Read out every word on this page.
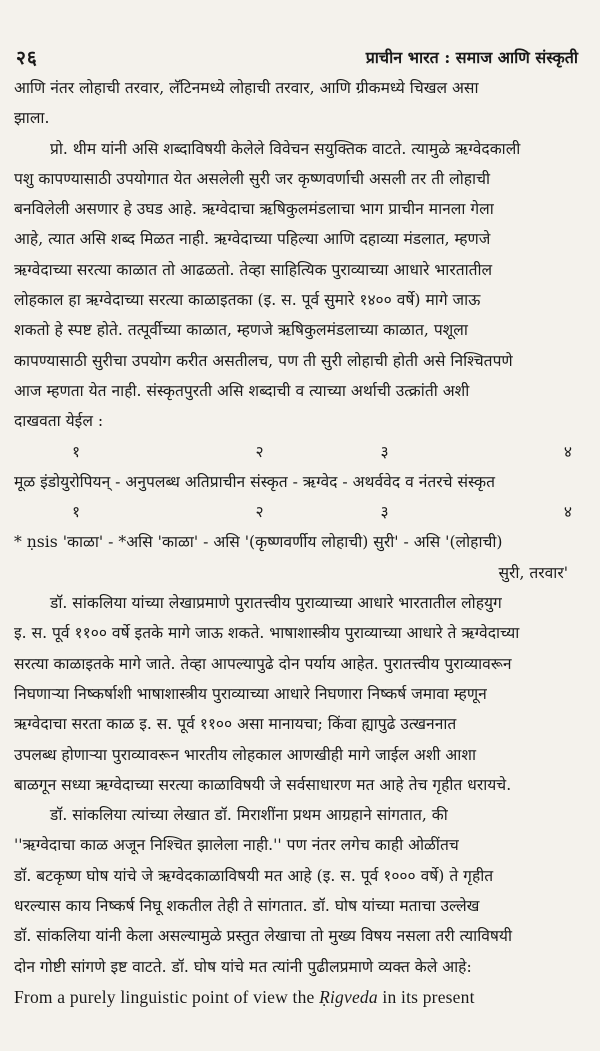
२६	प्राचीन भारत : समाज आणि संस्कृती

आणि नंतर लोहाची तरवार, लॅटिनमध्ये लोहाची तरवार, आणि ग्रीकमध्ये चिखल असा

झाला.

प्रो. थीम यांनी असि शब्दाविषयी केलेले विवेचन सयुक्तिक वाटते. त्यामुळे ऋग्वेदकाली

पशु कापण्यासाठी उपयोगात येत असलेली सुरी जर कृष्णवर्णाची असली तर ती लोहाची

बनविलेली असणार हे उघड आहे. ऋग्वेदाचा ऋषिकुलमंडलाचा भाग प्राचीन मानला गेला

आहे, त्यात असि शब्द मिळत नाही. ऋग्वेदाच्या पहिल्या आणि दहाव्या मंडलात, म्हणजे

ऋग्वेदाच्या सरत्या काळात तो आढळतो. तेव्हा साहित्यिक पुराव्याच्या आधारे भारतातील

लोहकाल हा ऋग्वेदाच्या सरत्या काळाइतका (इ. स. पूर्व सुमारे १४०० वर्षे) मागे जाऊ

शकतो हे स्पष्ट होते. तत्पूर्वीच्या काळात, म्हणजे ऋषिकुलमंडलाच्या काळात, पशूला

कापण्यासाठी सुरीचा उपयोग करीत असतीलच, पण ती सुरी लोहाची होती असे निश्चितपणे

आज म्हणता येत नाही. संस्कृतपुरती असि शब्दाची व त्याच्या अर्थाची उत्क्रांती अशी

दाखवता येईल :

१	२	३	४

मूळ इंडोयुरोपियन् - अनुपलब्ध अतिप्राचीन संस्कृत - ऋग्वेद - अथर्ववेद व नंतरचे संस्कृत

१	२	३	४

* ṇsis 'काळा' - *असि 'काळा' - असि '(कृष्णवर्णीय लोहाची) सुरी' - असि '(लोहाची)

सुरी, तरवार'

डॉ. सांकलिया यांच्या लेखाप्रमाणे पुरातत्त्वीय पुराव्याच्या आधारे भारतातील लोहयुग

इ. स. पूर्व ११०० वर्षे इतके मागे जाऊ शकते. भाषाशास्त्रीय पुराव्याच्या आधारे ते ऋग्वेदाच्या

सरत्या काळाइतके मागे जाते. तेव्हा आपल्यापुढे दोन पर्याय आहेत. पुरातत्त्वीय पुराव्यावरून

निघणाऱ्या निष्कर्षाशी भाषाशास्त्रीय पुराव्याच्या आधारे निघणारा निष्कर्ष जमावा म्हणून

ऋग्वेदाचा सरता काळ इ. स. पूर्व ११०० असा मानायचा; किंवा ह्यापुढे उत्खननात

उपलब्ध होणाऱ्या पुराव्यावरून भारतीय लोहकाल आणखीही मागे जाईल अशी आशा

बाळगून सध्या ऋग्वेदाच्या सरत्या काळाविषयी जे सर्वसाधारण मत आहे तेच गृहीत धरायचे.

डॉ. सांकलिया त्यांच्या लेखात डॉ. मिराशींना प्रथम आग्रहाने सांगतात, की

''ऋग्वेदाचा काळ अजून निश्चित झालेला नाही.'' पण नंतर लगेच काही ओळींतच

डॉ. बटकृष्ण घोष यांचे जे ऋग्वेदकाळाविषयी मत आहे (इ. स. पूर्व १००० वर्षे) ते गृहीत

धरल्यास काय निष्कर्ष निघू शकतील तेही ते सांगतात. डॉ. घोष यांच्या मताचा उल्लेख

डॉ. सांकलिया यांनी केला असल्यामुळे प्रस्तुत लेखाचा तो मुख्य विषय नसला तरी त्याविषयी

दोन गोष्टी सांगणे इष्ट वाटते. डॉ. घोष यांचे मत त्यांनी पुढीलप्रमाणे व्यक्त केले आहे:

From a purely linguistic point of view the Ṛigveda in its present
